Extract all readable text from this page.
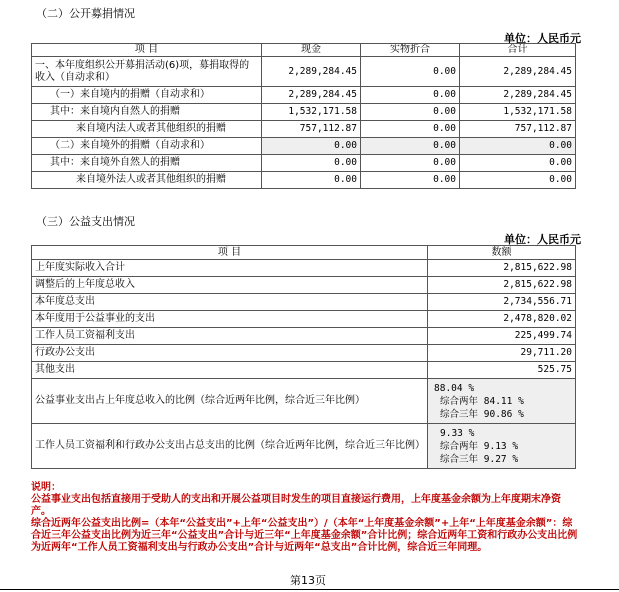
（二）公开募捐情况
单位：人民币元
项 目	现金	实物折合	合计
一、本年度组织公开募捐活动(6)项，募捐取得的收入（自动求和）	2,289,284.45	0.00	2,289,284.45
（一）来自境内的捐赠（自动求和）	2,289,284.45	0.00	2,289,284.45
其中：来自境内自然人的捐赠	1,532,171.58	0.00	1,532,171.58
来自境内法人或者其他组织的捐赠	757,112.87	0.00	757,112.87
（二）来自境外的捐赠（自动求和）	0.00	0.00	0.00
其中：来自境外自然人的捐赠	0.00	0.00	0.00
来自境外法人或者其他组织的捐赠	0.00	0.00	0.00
（三）公益支出情况
单位：人民币元
项 目	数额
上年度实际收入合计	2,815,622.98
调整后的上年度总收入	2,815,622.98
本年度总支出	2,734,556.71
本年度用于公益事业的支出	2,478,820.02
工作人员工资福利支出	225,499.74
行政办公支出	29,711.20
其他支出	525.75
公益事业支出占上年度总收入的比例（综合近两年比例，综合近三年比例）	88.04 %
综合两年 84.11 %
综合三年 90.86 %

工作人员工资福利和行政办公支出占总支出的比例（综合近两年比例，综合近三年比例）	9.33 %
综合两年 9.13 %
综合三年 9.27 %
说明：
公益事业支出包括直接用于受助人的支出和开展公益项目时发生的项目直接运行费用，上年度基金余额为上年度期末净资产。
综合近两年公益支出比例=（本年“公益支出”+上年“公益支出”）/（本年“上年度基金余额”+上年“上年度基金余额”：综合近三年公益支出比例为近三年“公益支出”合计与近三年“上年度基金余额”合计比例；综合近两年工资和行政办公支出比例为近两年“工作人员工资福利支出与行政办公支出”合计与近两年“总支出”合计比例，综合近三年同理。
第13页
